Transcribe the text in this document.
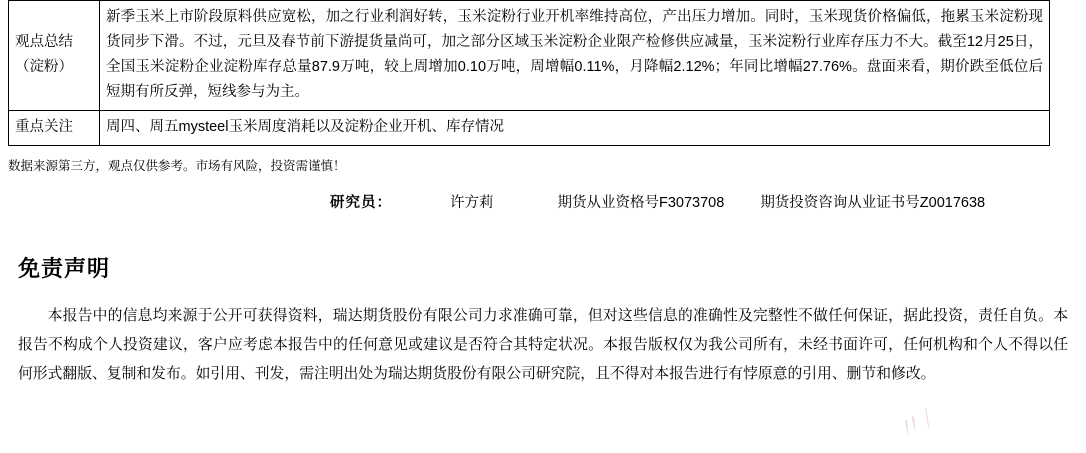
观点总结（淀粉）	新季玉米上市阶段原料供应宽松，加之行业利润好转，玉米淀粉行业开机率维持高位，产出压力增加。同时，玉米现货价格偏低，拖累玉米淀粉现货同步下滑。不过，元旦及春节前下游提货量尚可，加之部分区域玉米淀粉企业限产检修供应减量，玉米淀粉行业库存压力不大。截至12月25日，全国玉米淀粉企业淀粉库存总量87.9万吨，较上周增加0.10万吨，周增幅0.11%，月降幅2.12%；年同比增幅27.76%。盘面来看，期价跌至低位后短期有所反弹，短线参与为主。
重点关注	周四、周五mysteel玉米周度消耗以及淀粉企业开机、库存情况
数据来源第三方，观点仅供参考。市场有风险，投资需谨慎！
研究员：	许方莉	期货从业资格号F3073708 期货投资咨询从业证书号Z0017638
免责声明
本报告中的信息均来源于公开可获得资料，瑞达期货股份有限公司力求准确可靠，但对这些信息的准确性及完整性不做任何保证，据此投资，责任自负。本报告不构成个人投资建议，客户应考虑本报告中的任何意见或建议是否符合其特定状况。本报告版权仅为我公司所有，未经书面许可，任何机构和个人不得以任何形式翻版、复制和发布。如引用、刊发，需注明出处为瑞达期货股份有限公司研究院，且不得对本报告进行有悖原意的引用、删节和修改。
〃/
